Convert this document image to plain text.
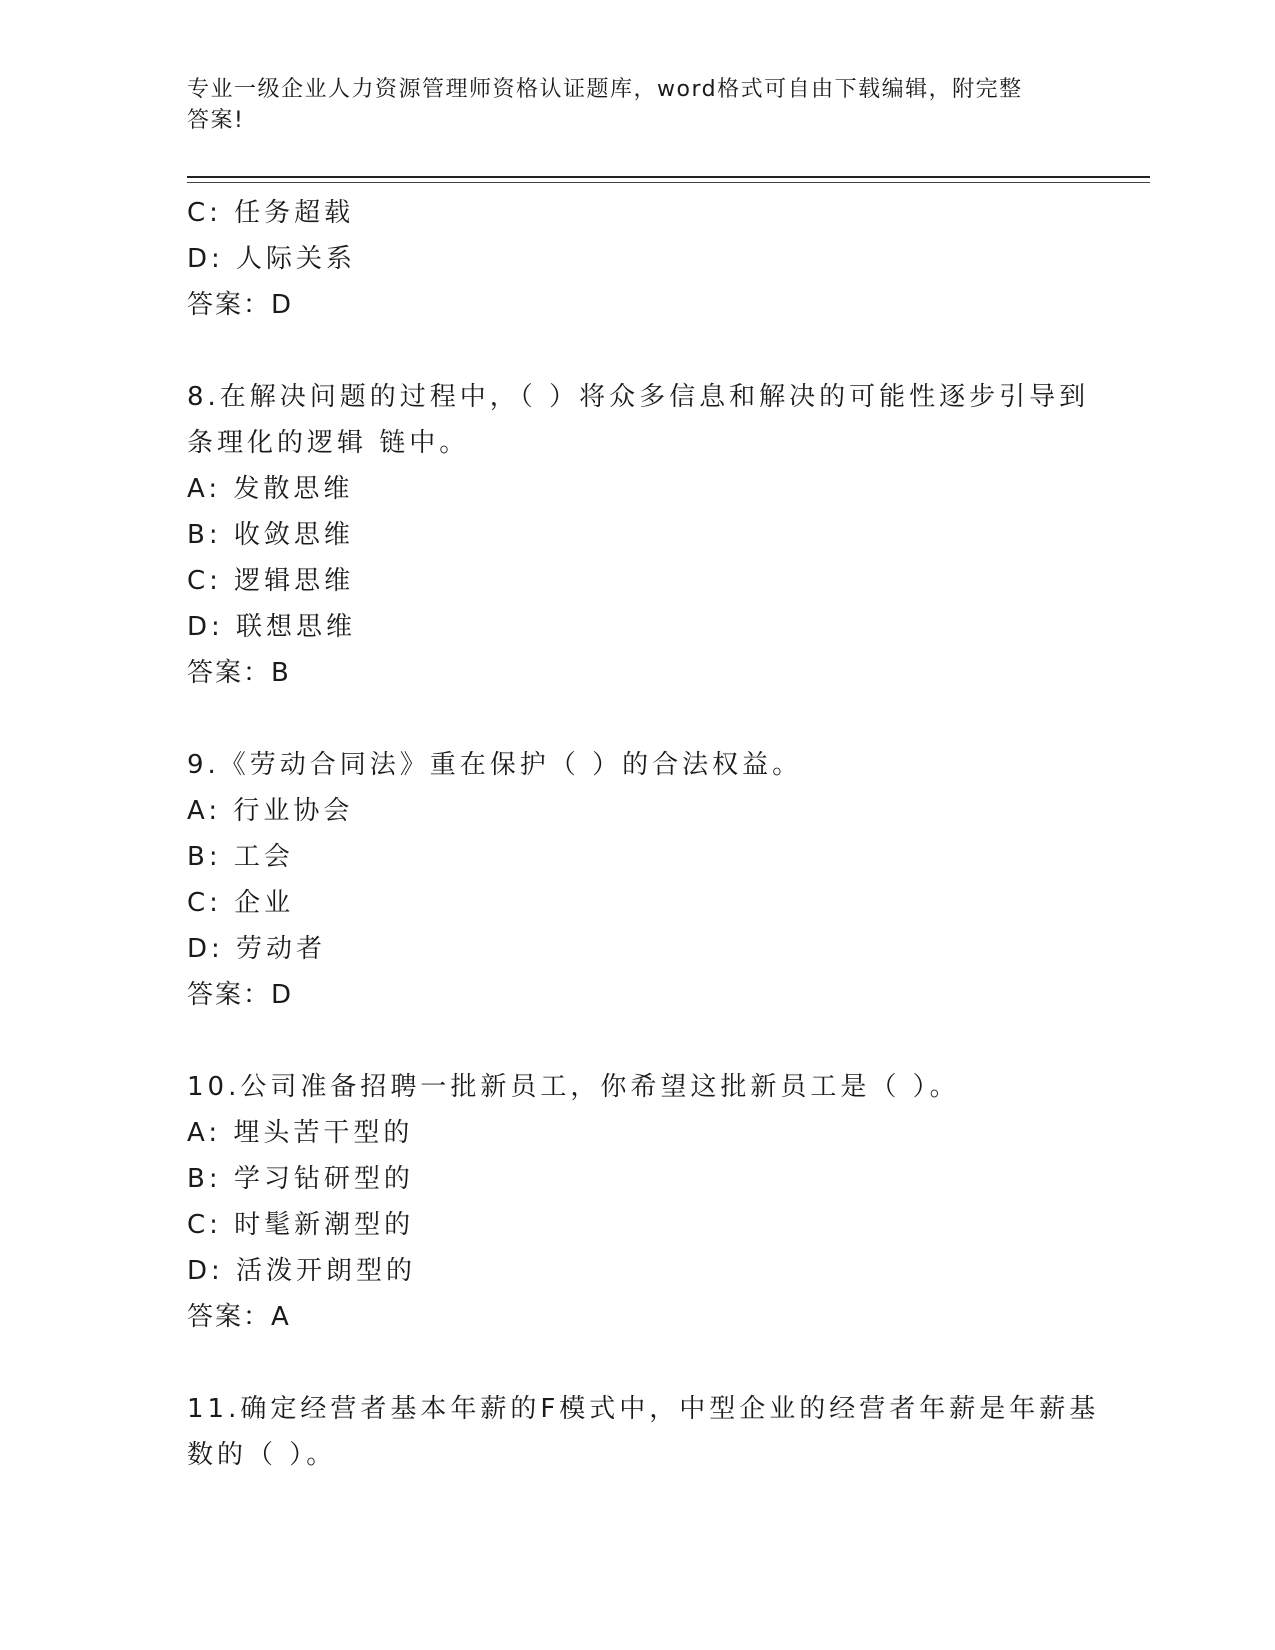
专业一级企业人力资源管理师资格认证题库，word格式可自由下载编辑，附完整
答案!
C: 任务超载
D: 人际关系
答案：D
8.在解决问题的过程中，（ ）将众多信息和解决的可能性逐步引导到
条理化的逻辑 链中。
A: 发散思维
B: 收敛思维
C: 逻辑思维
D: 联想思维
答案：B
9.《劳动合同法》重在保护（ ）的合法权益。
A: 行业协会
B: 工会
C: 企业
D: 劳动者
答案：D
10.公司准备招聘一批新员工，你希望这批新员工是（ ）。
A: 埋头苦干型的
B: 学习钻研型的
C: 时髦新潮型的
D: 活泼开朗型的
答案：A
11.确定经营者基本年薪的F模式中，中型企业的经营者年薪是年薪基
数的（ ）。
